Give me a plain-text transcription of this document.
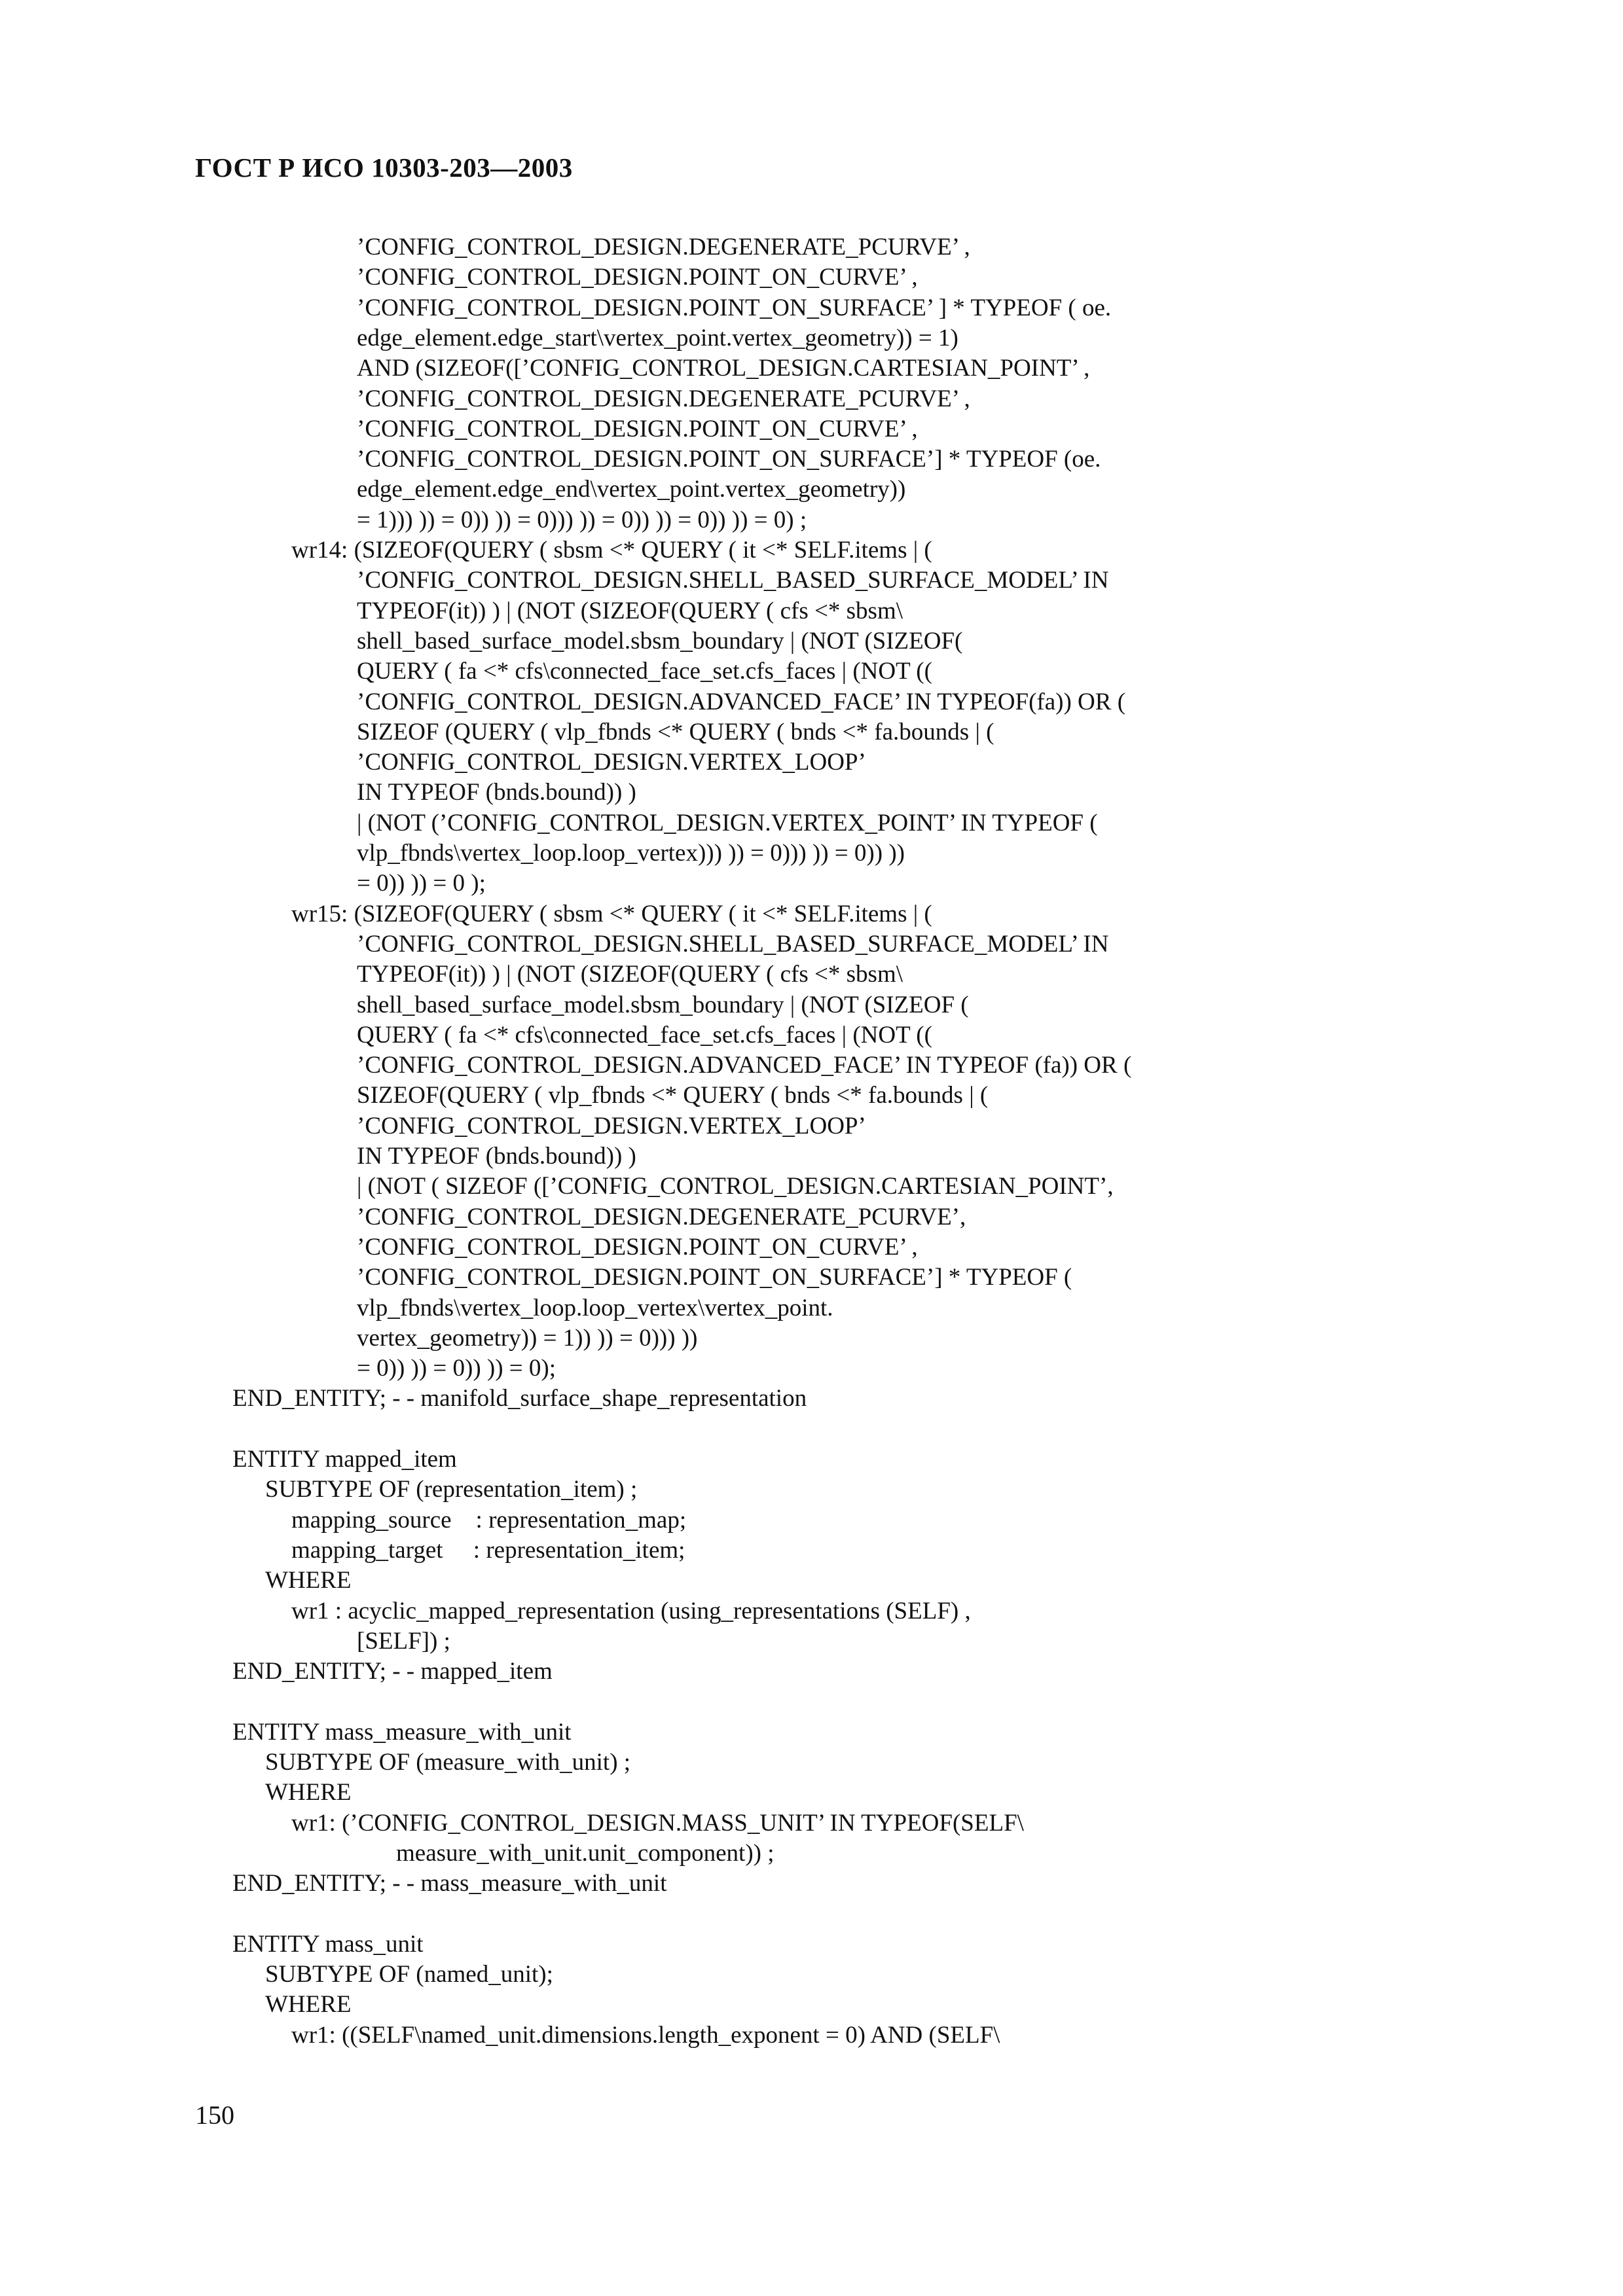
ГОСТ Р ИСО 10303-203—2003
’CONFIG_CONTROL_DESIGN.DEGENERATE_PCURVE’ ,
’CONFIG_CONTROL_DESIGN.POINT_ON_CURVE’ ,
’CONFIG_CONTROL_DESIGN.POINT_ON_SURFACE’ ] * TYPEOF ( oe.
edge_element.edge_start\vertex_point.vertex_geometry)) = 1)
AND (SIZEOF([’CONFIG_CONTROL_DESIGN.CARTESIAN_POINT’ ,
’CONFIG_CONTROL_DESIGN.DEGENERATE_PCURVE’ ,
’CONFIG_CONTROL_DESIGN.POINT_ON_CURVE’ ,
’CONFIG_CONTROL_DESIGN.POINT_ON_SURFACE’] * TYPEOF (oe.
edge_element.edge_end\vertex_point.vertex_geometry))
= 1))) )) = 0)) )) = 0))) )) = 0)) )) = 0)) )) = 0) ;
wr14: (SIZEOF(QUERY ( sbsm <* QUERY ( it <* SELF.items | (
’CONFIG_CONTROL_DESIGN.SHELL_BASED_SURFACE_MODEL’ IN
TYPEOF(it)) ) | (NOT (SIZEOF(QUERY ( cfs <* sbsm\
shell_based_surface_model.sbsm_boundary | (NOT (SIZEOF(
QUERY ( fa <* cfs\connected_face_set.cfs_faces | (NOT ((
’CONFIG_CONTROL_DESIGN.ADVANCED_FACE’ IN TYPEOF(fa)) OR (
SIZEOF (QUERY ( vlp_fbnds <* QUERY ( bnds <* fa.bounds | (
’CONFIG_CONTROL_DESIGN.VERTEX_LOOP’
IN TYPEOF (bnds.bound)) )
| (NOT (’CONFIG_CONTROL_DESIGN.VERTEX_POINT’ IN TYPEOF (
vlp_fbnds\vertex_loop.loop_vertex))) )) = 0))) )) = 0)) ))
= 0)) )) = 0 );
wr15: (SIZEOF(QUERY ( sbsm <* QUERY ( it <* SELF.items | (
’CONFIG_CONTROL_DESIGN.SHELL_BASED_SURFACE_MODEL’ IN
TYPEOF(it)) ) | (NOT (SIZEOF(QUERY ( cfs <* sbsm\
shell_based_surface_model.sbsm_boundary | (NOT (SIZEOF (
QUERY ( fa <* cfs\connected_face_set.cfs_faces | (NOT ((
’CONFIG_CONTROL_DESIGN.ADVANCED_FACE’ IN TYPEOF (fa)) OR (
SIZEOF(QUERY ( vlp_fbnds <* QUERY ( bnds <* fa.bounds | (
’CONFIG_CONTROL_DESIGN.VERTEX_LOOP’
IN TYPEOF (bnds.bound)) )
| (NOT ( SIZEOF ([’CONFIG_CONTROL_DESIGN.CARTESIAN_POINT’,
’CONFIG_CONTROL_DESIGN.DEGENERATE_PCURVE’,
’CONFIG_CONTROL_DESIGN.POINT_ON_CURVE’ ,
’CONFIG_CONTROL_DESIGN.POINT_ON_SURFACE’] * TYPEOF (
vlp_fbnds\vertex_loop.loop_vertex\vertex_point.
vertex_geometry)) = 1)) )) = 0))) ))
= 0)) )) = 0)) )) = 0);
END_ENTITY; - - manifold_surface_shape_representation
ENTITY mapped_item
SUBTYPE OF (representation_item) ;
mapping_source    : representation_map;
mapping_target     : representation_item;
WHERE
wr1 : acyclic_mapped_representation (using_representations (SELF) ,
[SELF]) ;
END_ENTITY; - - mapped_item
ENTITY mass_measure_with_unit
SUBTYPE OF (measure_with_unit) ;
WHERE
wr1: (’CONFIG_CONTROL_DESIGN.MASS_UNIT’ IN TYPEOF(SELF\
measure_with_unit.unit_component)) ;
END_ENTITY; - - mass_measure_with_unit
ENTITY mass_unit
SUBTYPE OF (named_unit);
WHERE
wr1: ((SELF\named_unit.dimensions.length_exponent = 0) AND (SELF\
150
